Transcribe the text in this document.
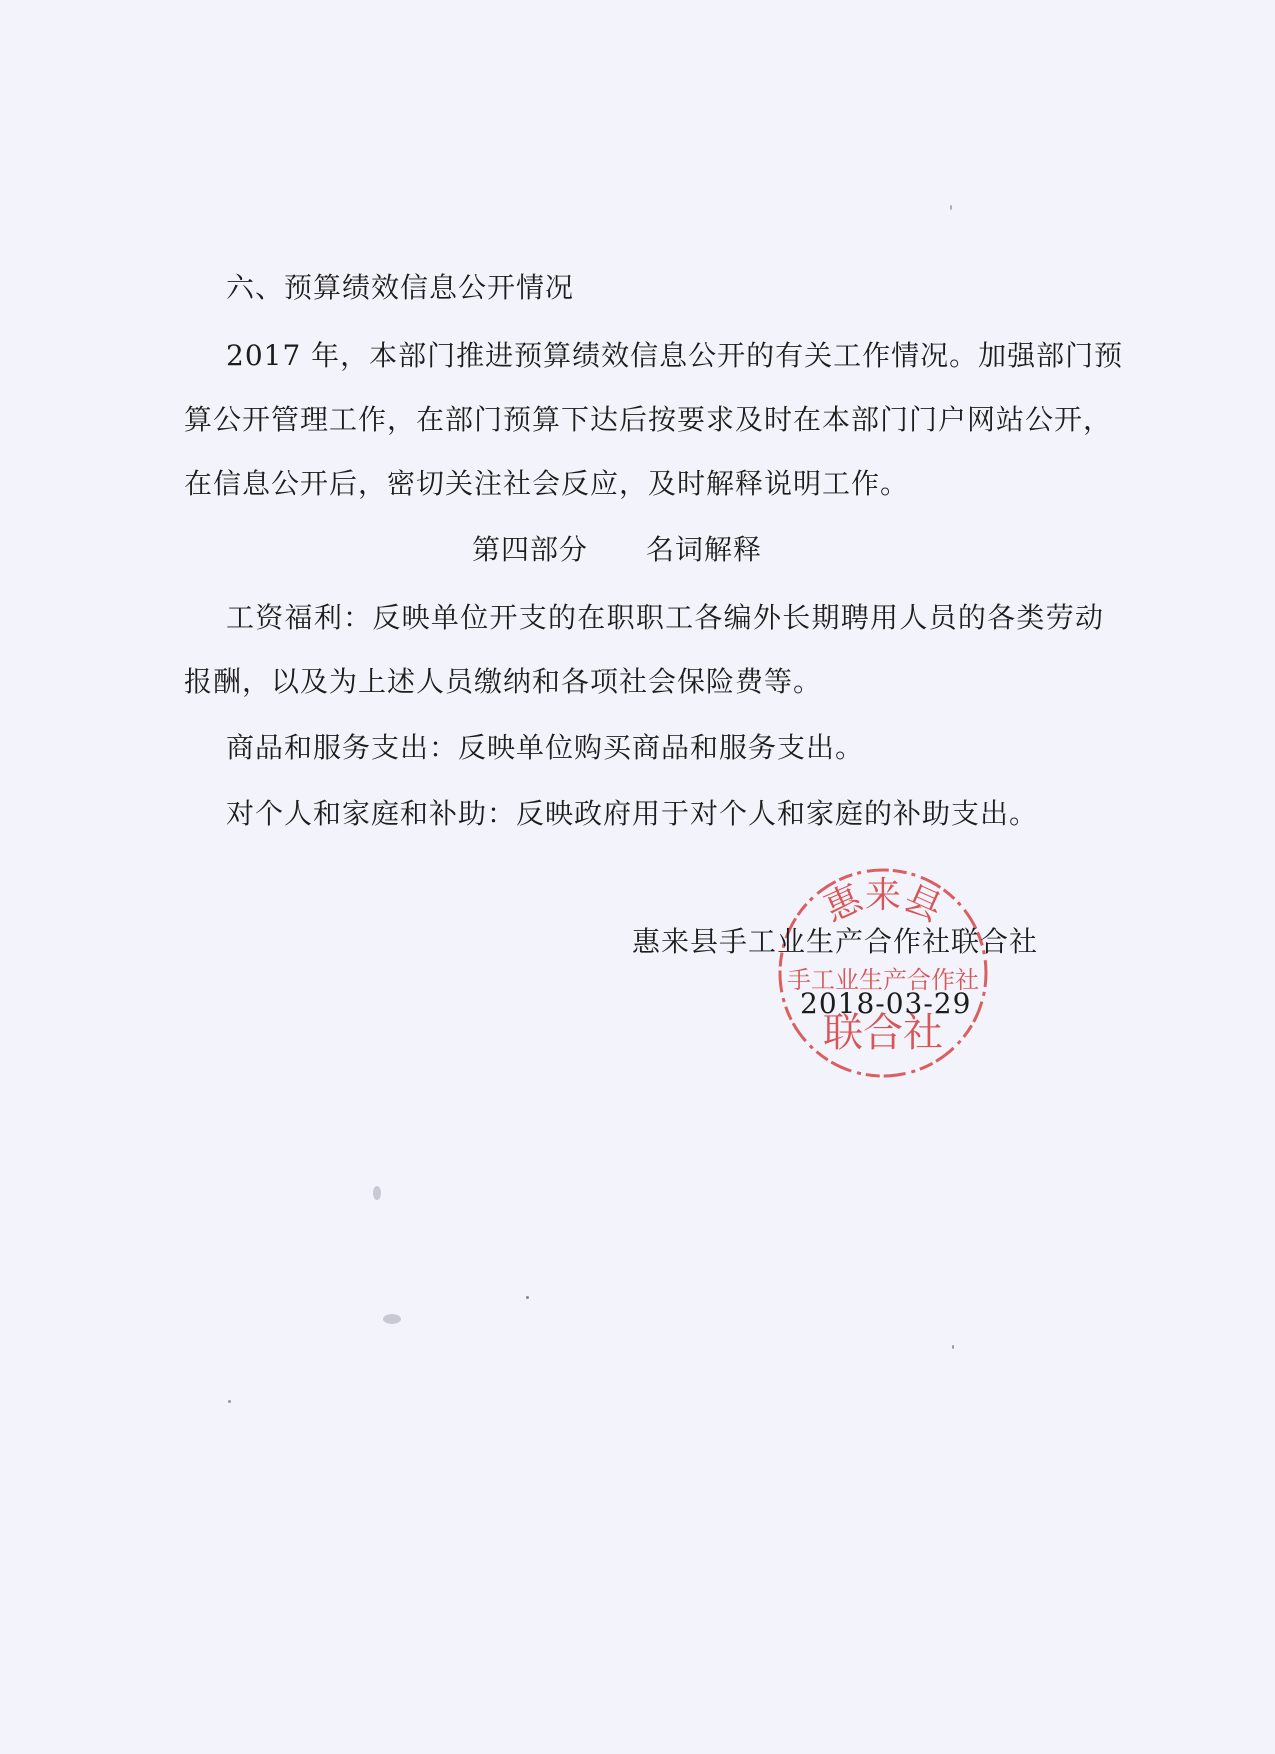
六、预算绩效信息公开情况
2017 年，本部门推进预算绩效信息公开的有关工作情况。加强部门预
算公开管理工作，在部门预算下达后按要求及时在本部门门户网站公开，
在信息公开后，密切关注社会反应，及时解释说明工作。
第四部分　　名词解释
工资福利：反映单位开支的在职职工各编外长期聘用人员的各类劳动
报酬，以及为上述人员缴纳和各项社会保险费等。
商品和服务支出：反映单位购买商品和服务支出。
对个人和家庭和补助：反映政府用于对个人和家庭的补助支出。
惠来县
手工业生产合作社
联合社
惠来县手工业生产合作社联合社
2018-03-29
